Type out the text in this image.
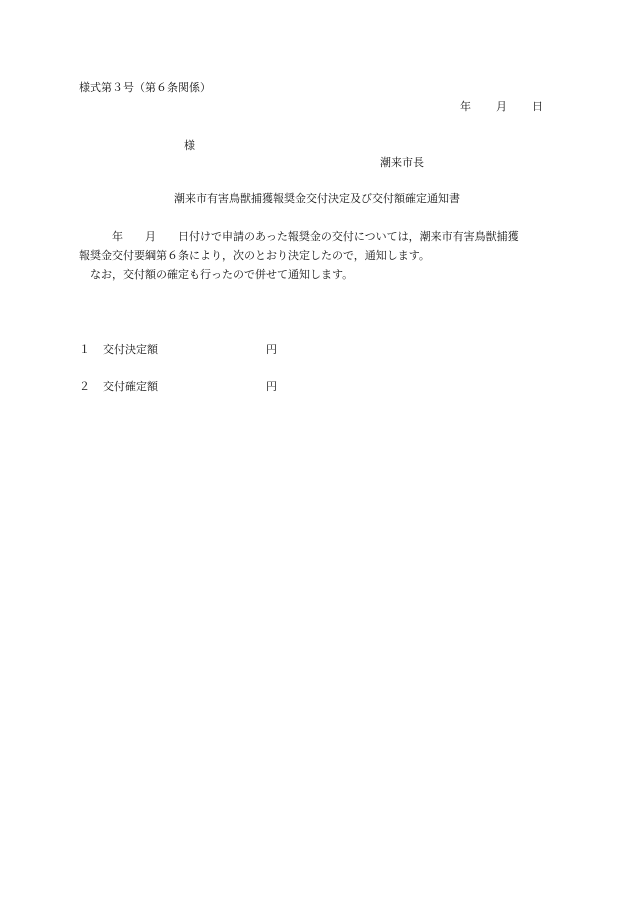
様式第３号（第６条関係）
年 月 日
様
潮来市長
潮来市有害鳥獣捕獲報奨金交付決定及び交付額確定通知書
年 月 日付けで申請のあった報奨金の交付については，潮来市有害鳥獣捕獲
報奨金交付要綱第６条により，次のとおり決定したので，通知します。
　なお，交付額の確定も行ったので併せて通知します。
１ 交付決定額	円
２ 交付確定額	円
